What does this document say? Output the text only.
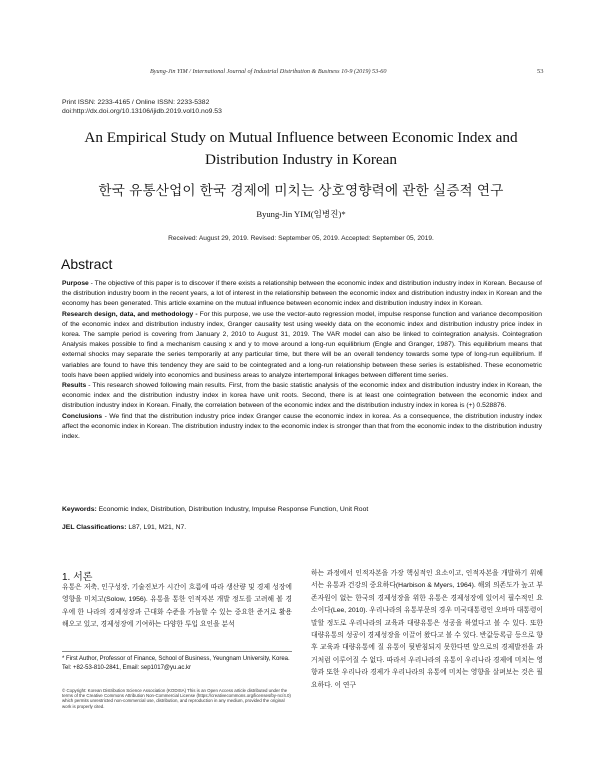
Byung-Jin YIM / International Journal of Industrial Distribution & Business 10-9 (2019) 53-60	53
Print ISSN: 2233-4165 / Online ISSN: 2233-5382
doi:http://dx.doi.org/10.13106/ijidb.2019.vol10.no9.53
An Empirical Study on Mutual Influence between Economic Index and Distribution Industry in Korean
한국 유통산업이 한국 경제에 미치는 상호영향력에 관한 실증적 연구
Byung-Jin YIM(임병진)*
Received: August 29, 2019. Revised: September 05, 2019. Accepted: September 05, 2019.
Abstract

Purpose - The objective of this paper is to discover if there exists a relationship between the economic index and distribution industry index in Korean. Because of the distribution industry boom in the recent years, a lot of interest in the relationship between the economic index and distribution industry index in Korean and the economy has been generated. This article examine on the mutual influence between economic index and distribution industry index in Korean.

Research design, data, and methodology - For this purpose, we use the vector-auto regression model, impulse response function and variance decomposition of the economic index and distribution industry index, Granger causality test using weekly data on the economic index and distribution industry price index in korea. The sample period is covering from January 2, 2010 to August 31, 2019. The VAR model can also be linked to cointegration analysis. Cointegration Analysis makes possible to find a mechanism causing x and y to move around a long-run equilibrium (Engle and Granger, 1987). This equilibrium means that external shocks may separate the series temporarily at any particular time, but there will be an overall tendency towards some type of long-run equilibrium. If variables are found to have this tendency they are said to be cointegrated and a long-run relationship between these series is established. These econometric tools have been applied widely into economics and business areas to analyze intertemporal linkages between different time series.

Results - This research showed following main results. First, from the basic statistic analysis of the economic index and distribution industry index in Korean, the economic index and the distribution industry index in korea have unit roots. Second, there is at least one cointegration between the economic index and distribution industry index in Korean. Finally, the correlation between of the economic index and the distribution industry index in korea is (+) 0.528876.

Conclusions - We find that the distribution industry price index Granger cause the economic index in korea. As a consequence, the distribution industry index affect the economic index in Korean. The distribution industry index to the economic index is stronger than that from the economic index to the distribution industry index.

Keywords: Economic Index, Distribution, Distribution Industry, Impulse Response Function, Unit Root
JEL Classifications: L87, L91, M21, N7.
1. 서론
유통은 저축, 인구성장, 기술진보가 시간이 흐름에 따라 생산량 및 경제 성장에 영향을 미치고(Solow, 1956). 유통을 통한 인적자본 개발 정도를 고려해 볼 경우에 한 나라의 경제성장과 근대화 수준을 가늠할 수 있는 중요한 준거로 활용해오고 있고, 경제성장에 기여하는 다양한 투입 요인을 분석
* First Author, Professor of Finance, School of Business, Yeungnam University, Korea. Tel: +82-53-810-2841, Email: sep1017@yu.ac.kr
© Copyright: Korean Distribution Science Association (KODISA) This is an Open Access article distributed under the terms of the Creative Commons Attribution Non-Commercial License (https://creativecommons.org/licenses/by-nc/4.0) which permits unrestricted non-commercial use, distribution, and reproduction in any medium, provided the original work is properly cited.
하는 과정에서 인적자본을 가장 핵심적인 요소이고, 인적자본을 개발하기 위해서는 유통과 건강의 중요하다(Harbison & Myers, 1964). 해외 의존도가 높고 부존자원이 없는 한국의 경제성장을 위한 유통은 경제성장에 있어서 필수적인 요소이다(Lee, 2010). 우리나라의 유통부문의 경우 미국대통령인 오바마 대통령이 말할 정도로 우리나라의 교육과 대량유통은 성공을 하였다고 볼 수 있다. 또한 대량유통의 성공이 경제성장을 이끌어 왔다고 볼 수 있다. 반값등록금 등으로 향후 교육과 대량유통에 질 유통이 뒷받침되지 못한다면 앞으로의 경제발전을 과거처럼 이루어질 수 없다. 따라서 우리나라의 유통이 우리나라 경제에 미치는 영향과 또한 우리나라 경제가 우리나라의 유통에 미치는 영향을 살펴보는 것은 필요하다. 이 연구
